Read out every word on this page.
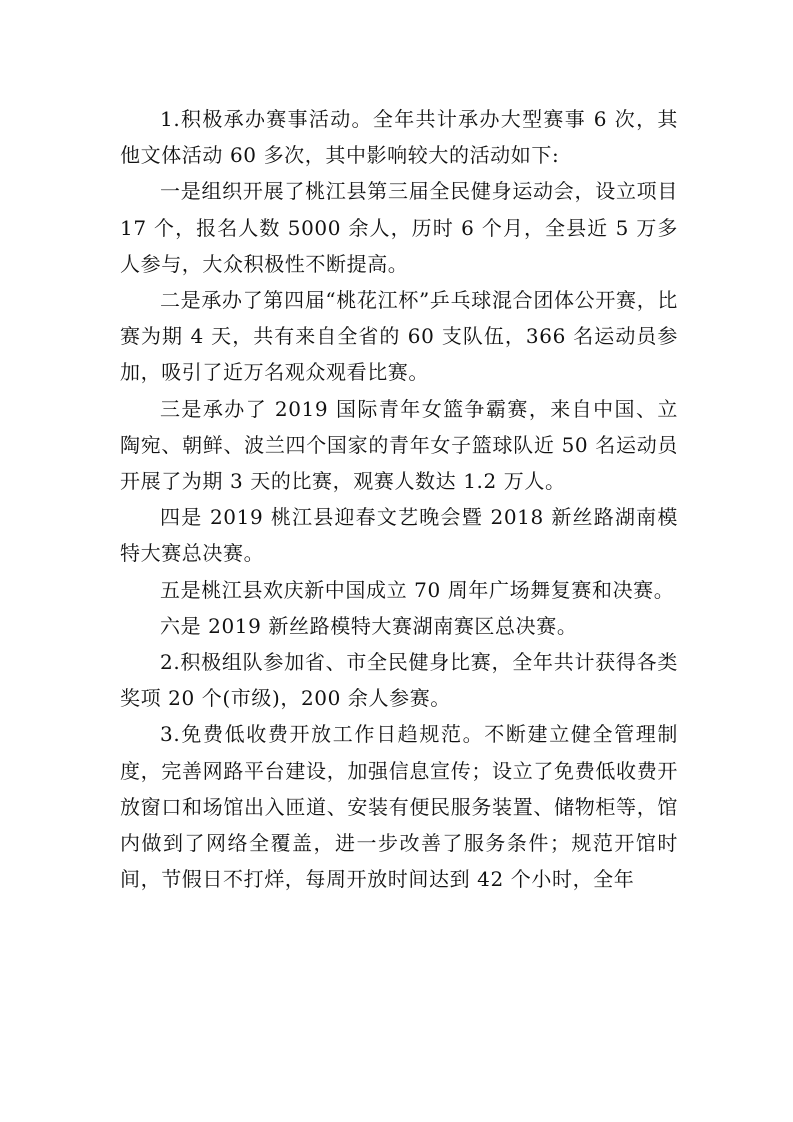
1.积极承办赛事活动。全年共计承办大型赛事 6 次，其他文体活动 60 多次，其中影响较大的活动如下:

一是组织开展了桃江县第三届全民健身运动会，设立项目 17 个，报名人数 5000 余人，历时 6 个月，全县近 5 万多人参与，大众积极性不断提高。

二是承办了第四届“桃花江杯”乒乓球混合团体公开赛，比赛为期 4 天，共有来自全省的 60 支队伍，366 名运动员参加，吸引了近万名观众观看比赛。

三是承办了 2019 国际青年女篮争霸赛，来自中国、立陶宛、朝鲜、波兰四个国家的青年女子篮球队近 50 名运动员开展了为期 3 天的比赛，观赛人数达 1.2 万人。

四是 2019 桃江县迎春文艺晚会暨 2018 新丝路湖南模特大赛总决赛。

五是桃江县欢庆新中国成立 70 周年广场舞复赛和决赛。

六是 2019 新丝路模特大赛湖南赛区总决赛。

2.积极组队参加省、市全民健身比赛，全年共计获得各类奖项 20 个(市级)，200 余人参赛。

3.免费低收费开放工作日趋规范。不断建立健全管理制度，完善网路平台建设，加强信息宣传；设立了免费低收费开放窗口和场馆出入匝道、安装有便民服务装置、储物柜等，馆内做到了网络全覆盖，进一步改善了服务条件；规范开馆时间，节假日不打烊，每周开放时间达到 42 个小时，全年
